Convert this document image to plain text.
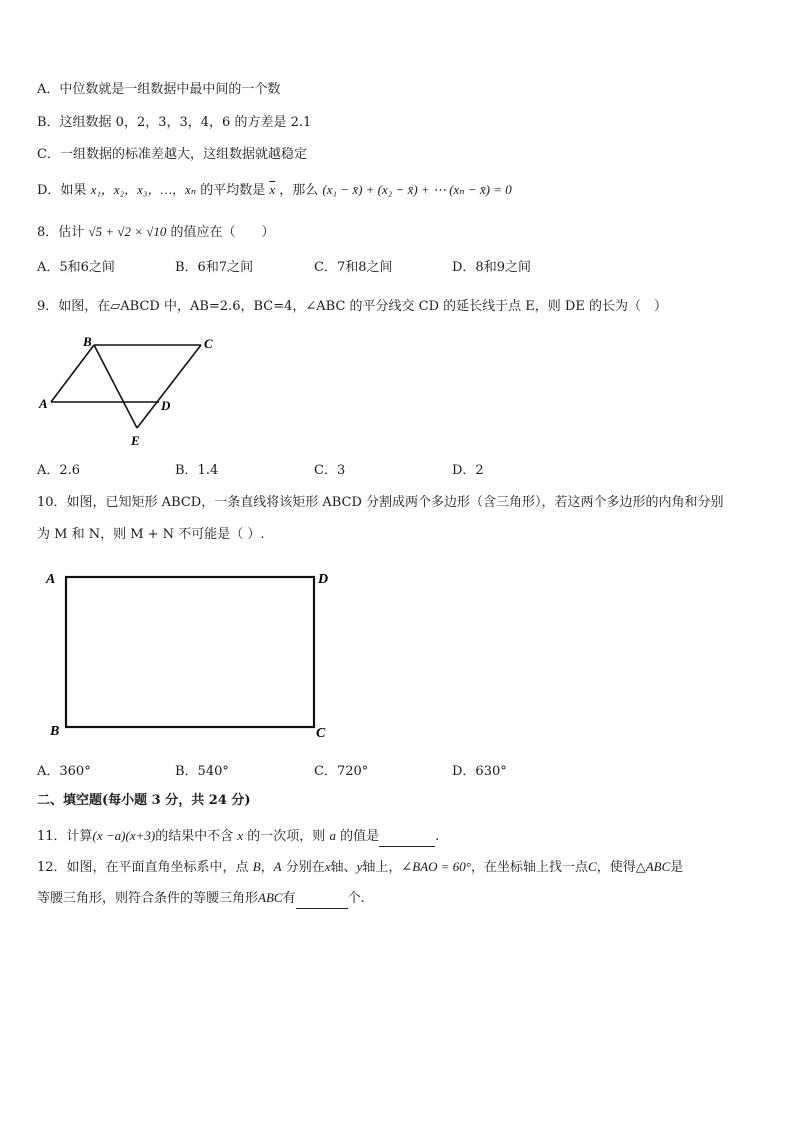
A．中位数就是一组数据中最中间的一个数
B．这组数据 0，2，3，3，4，6 的方差是 2.1
C．一组数据的标准差越大，这组数据就越稳定
D．如果 x₁，x₂，x₃，…，xₙ 的平均数是 $\overline{x}$ ，那么 (x₁ − x̄) + (x₂ − x̄) + ⋯ (xₙ − x̄) = 0
8．估计 √5 + √2 × √10 的值应在（　　）
A．5和6之间	B．6和7之间	C．7和8之间	D．8和9之间
9．如图，在▱ABCD 中，AB=2.6，BC=4，∠ABC 的平分线交 CD 的延长线于点 E，则 DE 的长为（　）
B	C
A	D
E
A．2.6	B．1.4	C．3	D．2
10．如图，已知矩形 ABCD，一条直线将该矩形 ABCD 分割成两个多边形（含三角形），若这两个多边形的内角和分别
为 M 和 N，则 M + N 不可能是（ ）.
A	D
B	C
A．360°	B．540°	C．720°	D．630°
二、填空题(每小题 3 分，共 24 分)
11．计算(x −a)(x+3)的结果中不含 x 的一次项，则 a 的值是	.
12．如图，在平面直角坐标系中，点 B，A 分别在x轴、y轴上，∠BAO = 60°，在坐标轴上找一点C，使得△ABC是
等腰三角形，则符合条件的等腰三角形ABC有	个.
